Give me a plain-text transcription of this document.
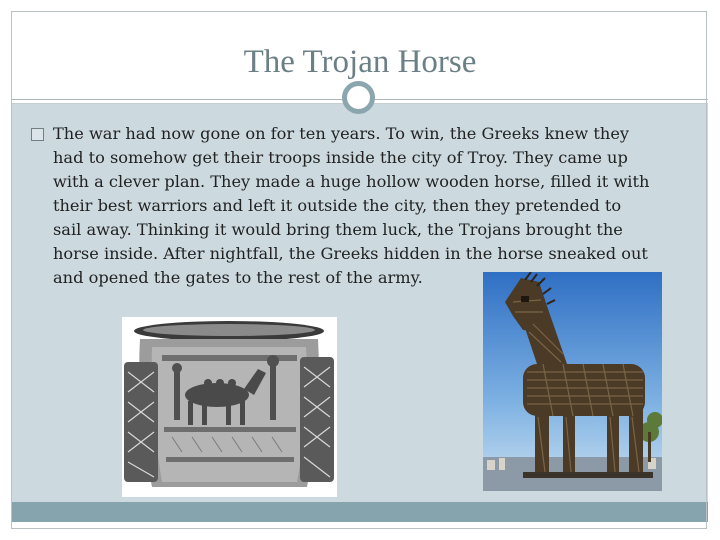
The Trojan Horse

The war had now gone on for ten years. To win, the Greeks knew they
had to somehow get their troops inside the city of Troy. They came up
with a clever plan. They made a huge hollow wooden horse, filled it with
their best warriors and left it outside the city, then they pretended to
sail away. Thinking it would bring them luck, the Trojans brought the
horse inside. After nightfall, the Greeks hidden in the horse sneaked out
and opened the gates to the rest of the army.
